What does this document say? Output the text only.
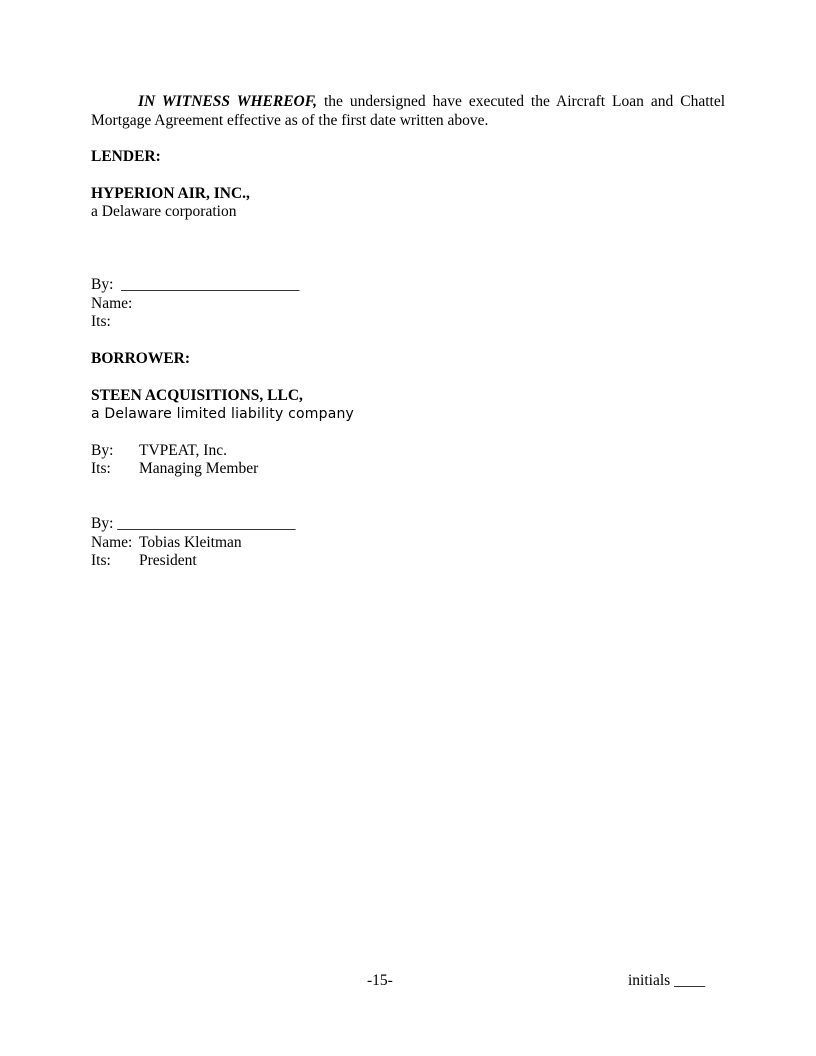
IN WITNESS WHEREOF, the undersigned have executed the Aircraft Loan and Chattel Mortgage Agreement effective as of the first date written above.
LENDER:
HYPERION AIR, INC.,
a Delaware corporation
By: _______________________
Name:
Its:
BORROWER:
STEEN ACQUISITIONS, LLC,
a Delaware limited liability company
By: TVPEAT, Inc.
Its: Managing Member
By: _______________________
Name: Tobias Kleitman
Its: President
-15-	initials ____
